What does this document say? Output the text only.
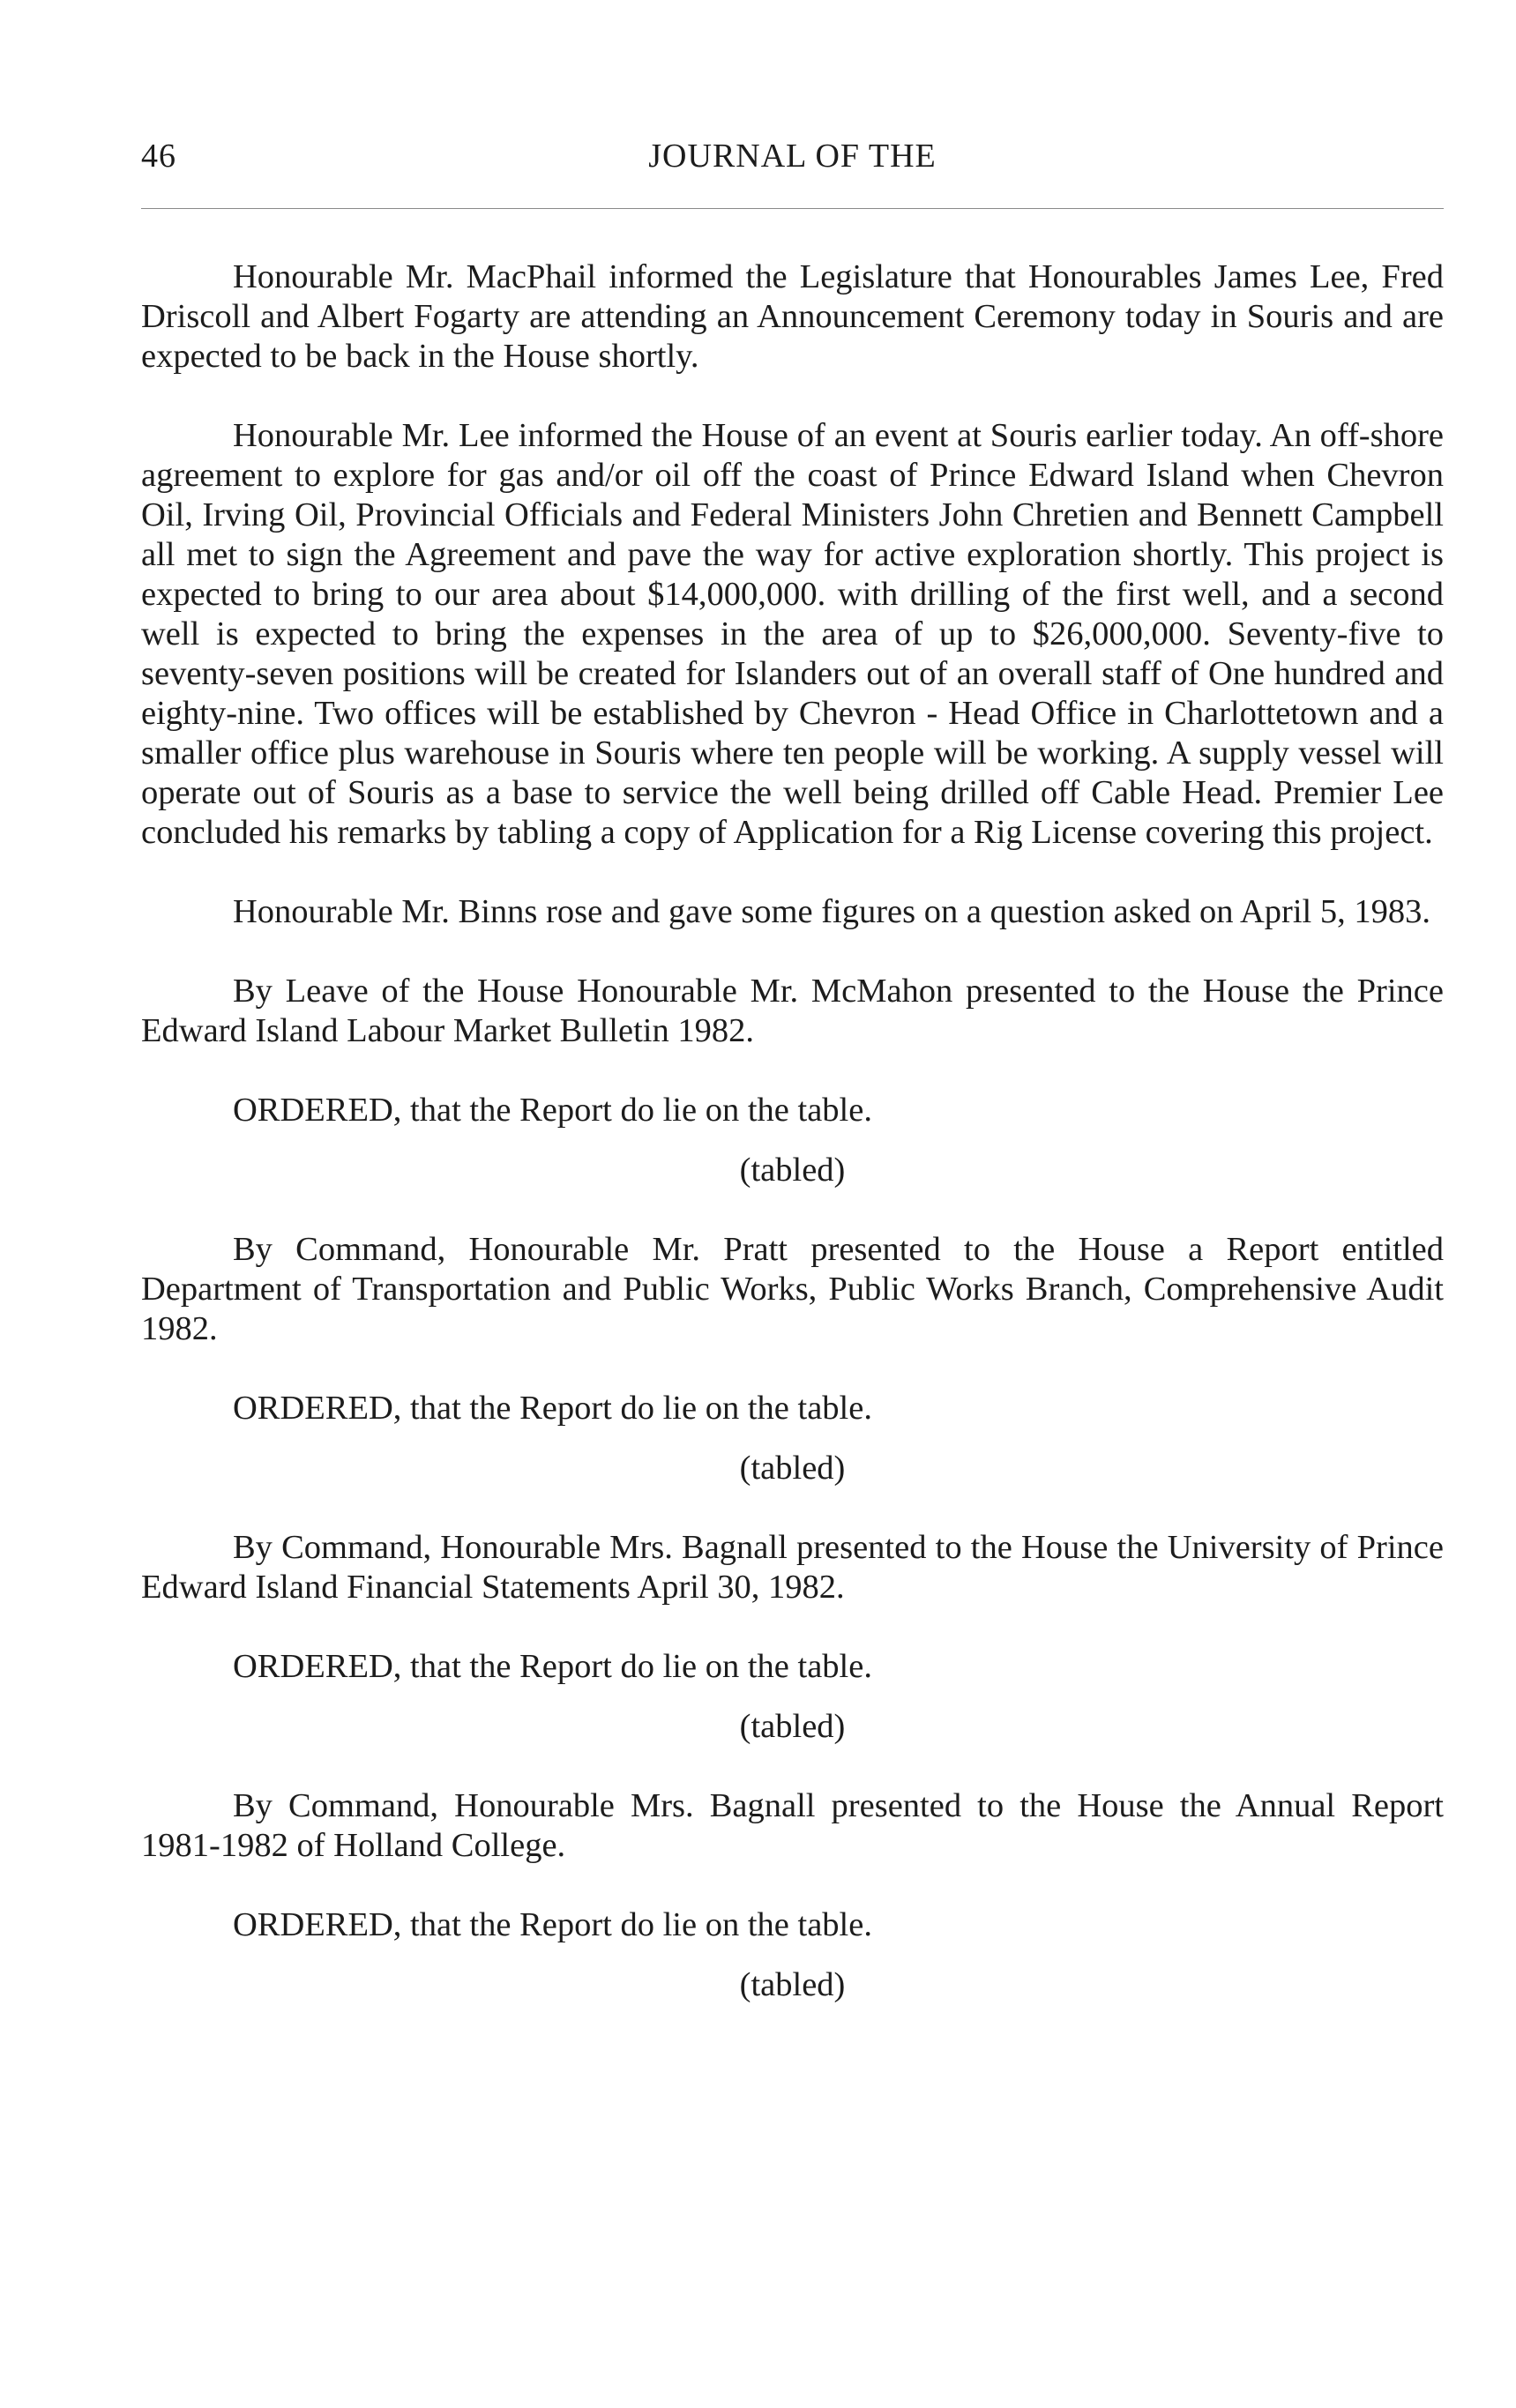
46	JOURNAL OF THE

Honourable Mr. MacPhail informed the Legislature that Honourables James Lee, Fred Driscoll and Albert Fogarty are attending an Announcement Ceremony today in Souris and are expected to be back in the House shortly.

Honourable Mr. Lee informed the House of an event at Souris earlier today. An off-shore agreement to explore for gas and/or oil off the coast of Prince Edward Island when Chevron Oil, Irving Oil, Provincial Officials and Federal Ministers John Chretien and Bennett Campbell all met to sign the Agreement and pave the way for active exploration shortly. This project is expected to bring to our area about $14,000,000. with drilling of the first well, and a second well is expected to bring the expenses in the area of up to $26,000,000. Seventy-five to seventy-seven positions will be created for Islanders out of an overall staff of One hundred and eighty-nine. Two offices will be established by Chevron - Head Office in Charlottetown and a smaller office plus warehouse in Souris where ten people will be working. A supply vessel will operate out of Souris as a base to service the well being drilled off Cable Head. Premier Lee concluded his remarks by tabling a copy of Application for a Rig License covering this project.

Honourable Mr. Binns rose and gave some figures on a question asked on April 5, 1983.

By Leave of the House Honourable Mr. McMahon presented to the House the Prince Edward Island Labour Market Bulletin 1982.

ORDERED, that the Report do lie on the table.

(tabled)

By Command, Honourable Mr. Pratt presented to the House a Report entitled Department of Transportation and Public Works, Public Works Branch, Comprehensive Audit 1982.

ORDERED, that the Report do lie on the table.

(tabled)

By Command, Honourable Mrs. Bagnall presented to the House the University of Prince Edward Island Financial Statements April 30, 1982.

ORDERED, that the Report do lie on the table.

(tabled)

By Command, Honourable Mrs. Bagnall presented to the House the Annual Report 1981-1982 of Holland College.

ORDERED, that the Report do lie on the table.

(tabled)
